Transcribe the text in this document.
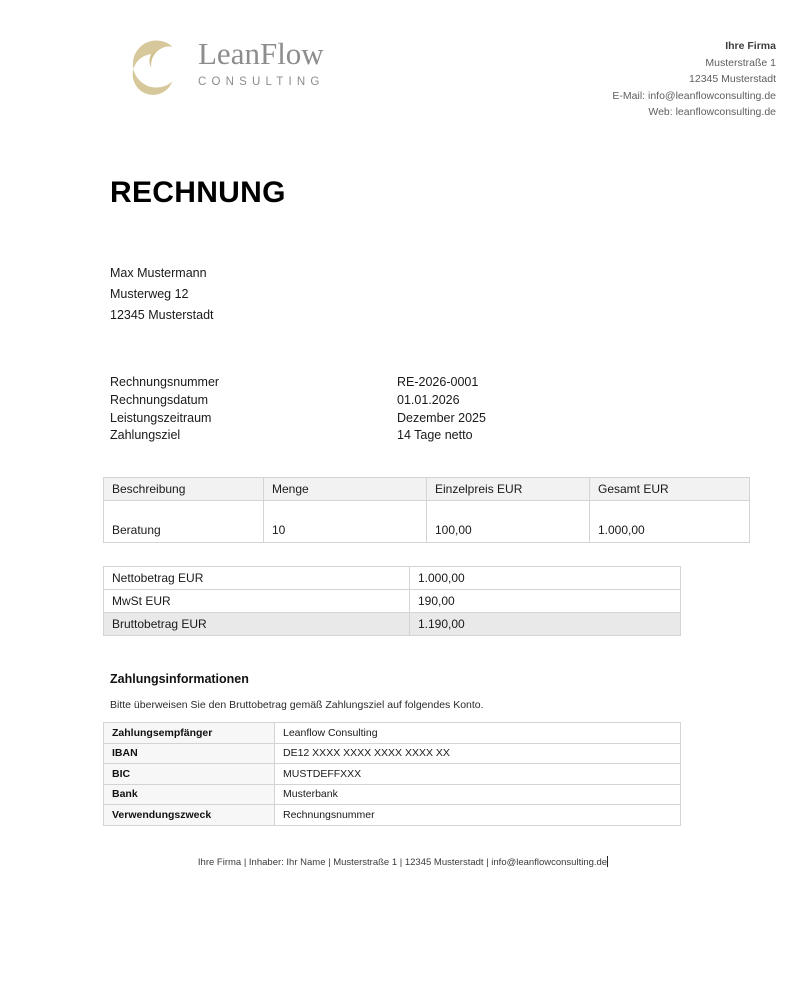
LeanFlow
CONSULTING
Ihre Firma
Musterstraße 1
12345 Musterstadt
E-Mail: info@leanflowconsulting.de
Web: leanflowconsulting.de
RECHNUNG
Max Mustermann
Musterweg 12
12345 Musterstadt
Rechnungsnummer	RE-2026-0001
Rechnungsdatum	01.01.2026
Leistungszeitraum	Dezember 2025
Zahlungsziel	14 Tage netto
Beschreibung	Menge	Einzelpreis EUR	Gesamt EUR
Beratung	10	100,00	1.000,00
Nettobetrag EUR	1.000,00
MwSt EUR	190,00
Bruttobetrag EUR	1.190,00
Zahlungsinformationen
Bitte überweisen Sie den Bruttobetrag gemäß Zahlungsziel auf folgendes Konto.
Zahlungsempfänger	Leanflow Consulting
IBAN	DE12 XXXX XXXX XXXX XXXX XX
BIC	MUSTDEFFXXX
Bank	Musterbank
Verwendungszweck	Rechnungsnummer
Ihre Firma | Inhaber: Ihr Name | Musterstraße 1 | 12345 Musterstadt | info@leanflowconsulting.de
